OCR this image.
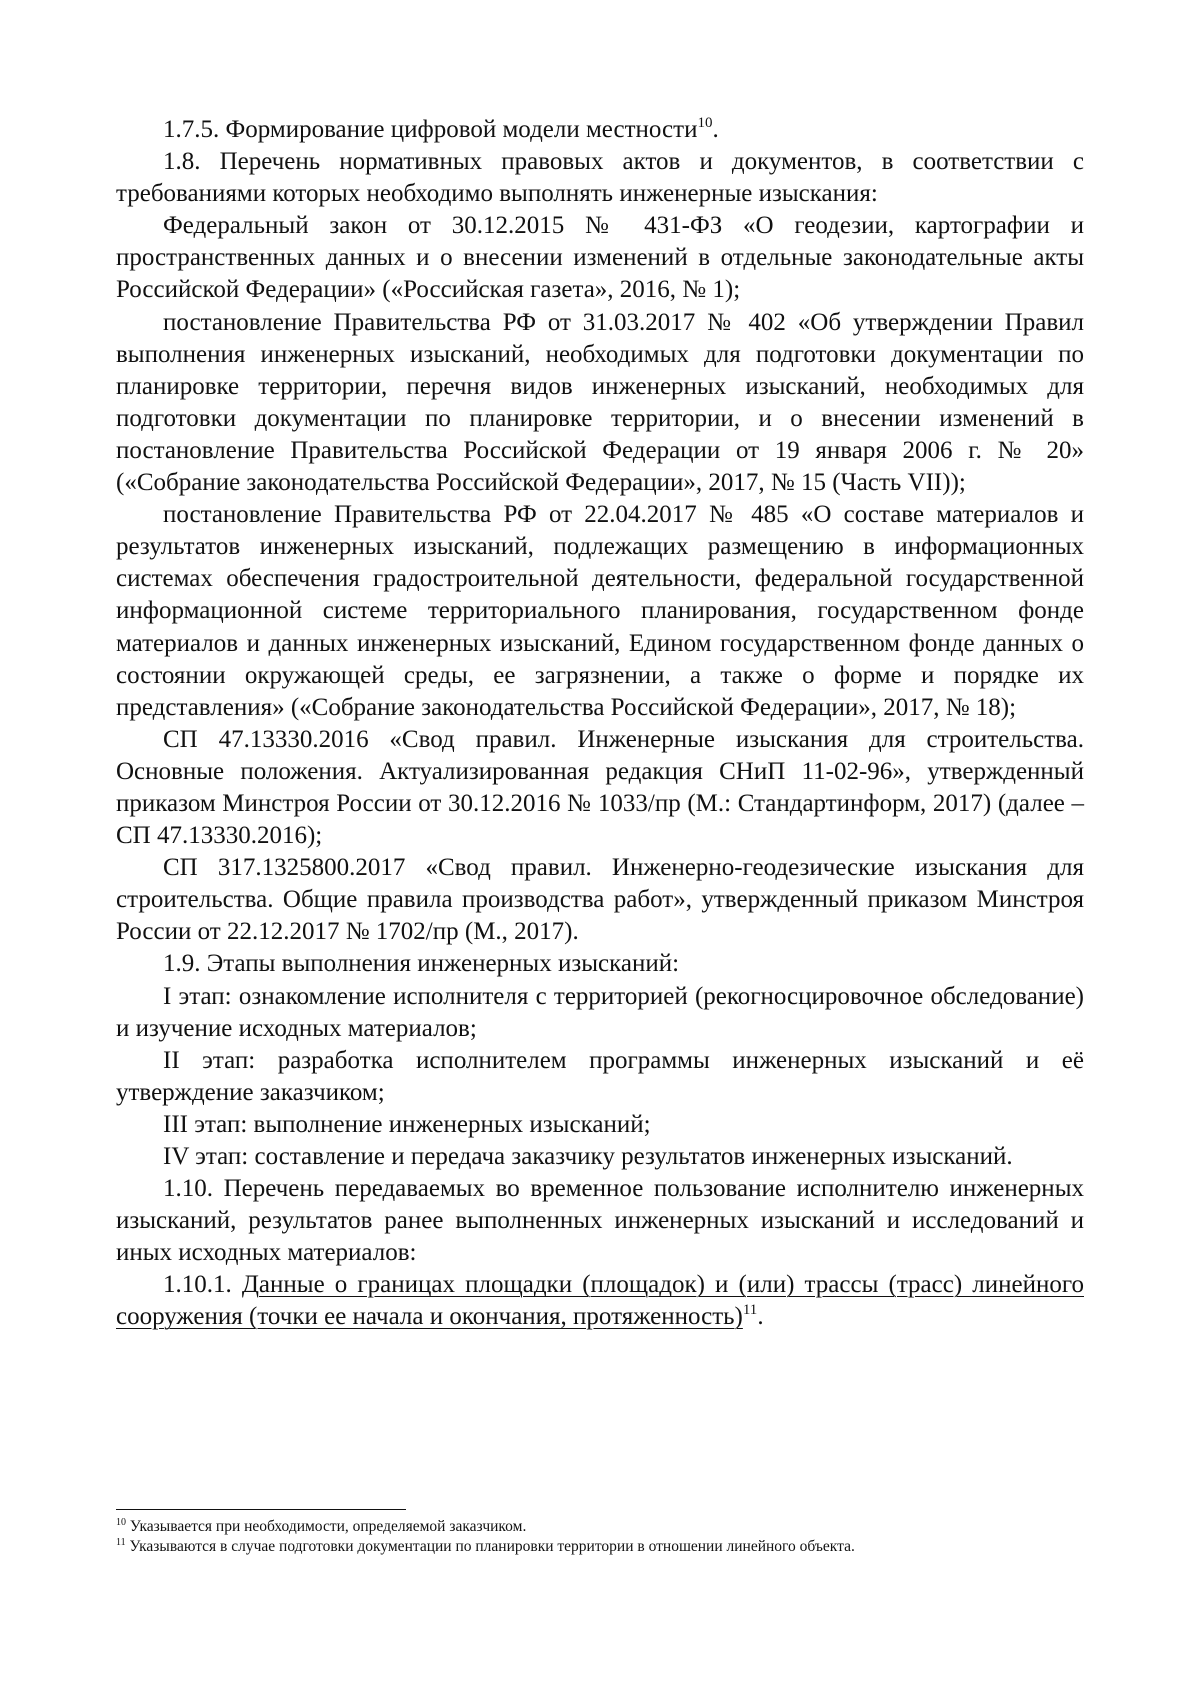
1.7.5. Формирование цифровой модели местности$^{10}$.

1.8. Перечень нормативных правовых актов и документов, в соответствии с требованиями которых необходимо выполнять инженерные изыскания:

Федеральный закон от 30.12.2015 № 431-ФЗ «О геодезии, картографии и пространственных данных и о внесении изменений в отдельные законодательные акты Российской Федерации» («Российская газета», 2016, № 1);

постановление Правительства РФ от 31.03.2017 № 402 «Об утверждении Правил выполнения инженерных изысканий, необходимых для подготовки документации по планировке территории, перечня видов инженерных изысканий, необходимых для подготовки документации по планировке территории, и о внесении изменений в постановление Правительства Российской Федерации от 19 января 2006 г. № 20» («Собрание законодательства Российской Федерации», 2017, № 15 (Часть VII));

постановление Правительства РФ от 22.04.2017 № 485 «О составе материалов и результатов инженерных изысканий, подлежащих размещению в информационных системах обеспечения градостроительной деятельности, федеральной государственной информационной системе территориального планирования, государственном фонде материалов и данных инженерных изысканий, Едином государственном фонде данных о состоянии окружающей среды, ее загрязнении, а также о форме и порядке их представления» («Собрание законодательства Российской Федерации», 2017, № 18);

СП 47.13330.2016 «Свод правил. Инженерные изыскания для строительства. Основные положения. Актуализированная редакция СНиП 11-02-96», утвержденный приказом Минстроя России от 30.12.2016 № 1033/пр (М.: Стандартинформ, 2017) (далее – СП 47.13330.2016);

СП 317.1325800.2017 «Свод правил. Инженерно-геодезические изыскания для строительства. Общие правила производства работ», утвержденный приказом Минстроя России от 22.12.2017 № 1702/пр (М., 2017).

1.9. Этапы выполнения инженерных изысканий:

I этап: ознакомление исполнителя с территорией (рекогносцировочное обследование) и изучение исходных материалов;

II этап: разработка исполнителем программы инженерных изысканий и её утверждение заказчиком;

III этап: выполнение инженерных изысканий;

IV этап: составление и передача заказчику результатов инженерных изысканий.

1.10. Перечень передаваемых во временное пользование исполнителю инженерных изысканий, результатов ранее выполненных инженерных изысканий и исследований и иных исходных материалов:

1.10.1. Данные о границах площадки (площадок) и (или) трассы (трасс) линейного сооружения (точки ее начала и окончания, протяженность)$^{11}$.

$^{10}$ Указывается при необходимости, определяемой заказчиком.

$^{11}$ Указываются в случае подготовки документации по планировки территории в отношении линейного объекта.
